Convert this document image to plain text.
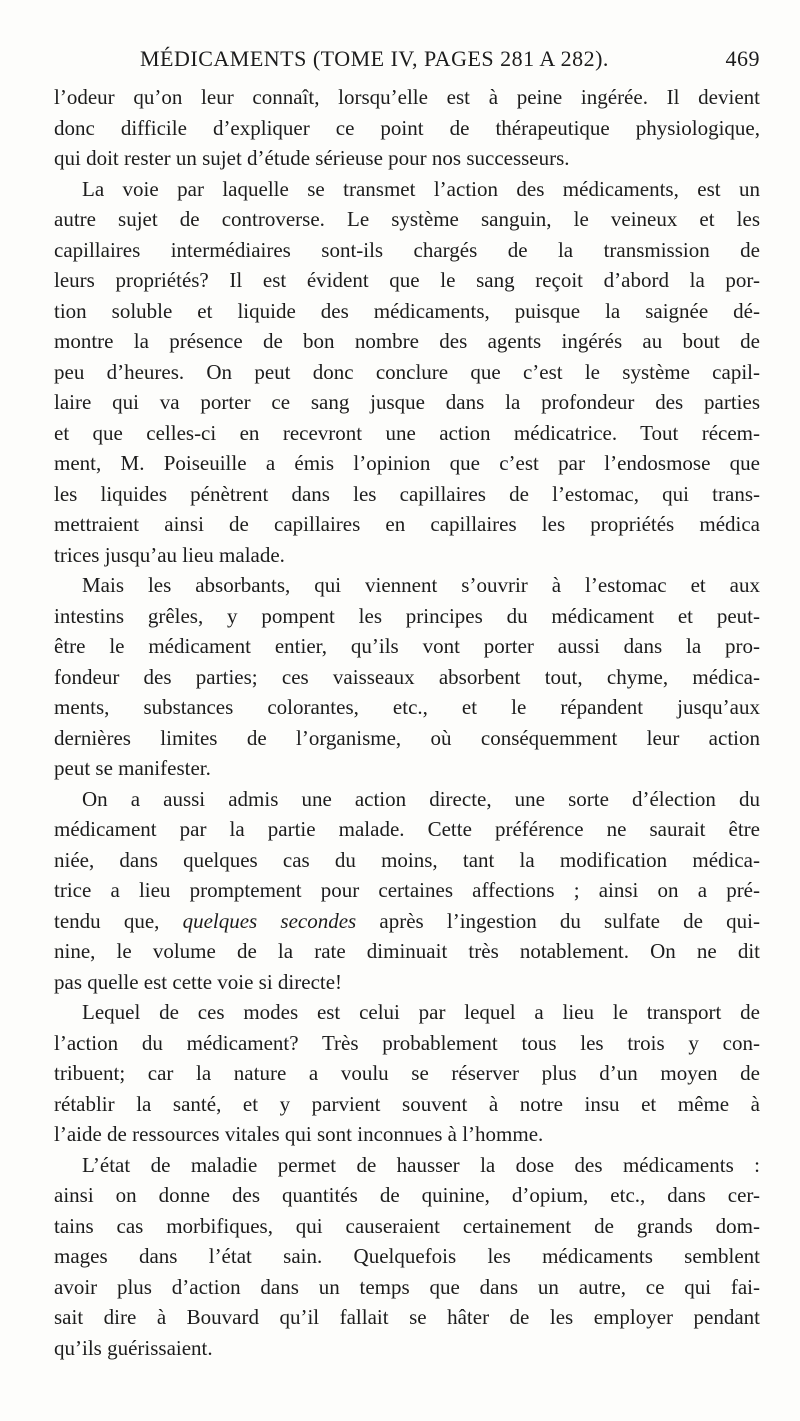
MÉDICAMENTS (TOME IV, PAGES 281 A 282).	469
l’odeur qu’on leur connaît, lorsqu’elle est à peine ingérée. Il devient
donc difficile d’expliquer ce point de thérapeutique physiologique,
qui doit rester un sujet d’étude sérieuse pour nos successeurs.
La voie par laquelle se transmet l’action des médicaments, est un
autre sujet de controverse. Le système sanguin, le veineux et les
capillaires intermédiaires sont-ils chargés de la transmission de
leurs propriétés? Il est évident que le sang reçoit d’abord la por-
tion soluble et liquide des médicaments, puisque la saignée dé-
montre la présence de bon nombre des agents ingérés au bout de
peu d’heures. On peut donc conclure que c’est le système capil-
laire qui va porter ce sang jusque dans la profondeur des parties
et que celles-ci en recevront une action médicatrice. Tout récem-
ment, M. Poiseuille a émis l’opinion que c’est par l’endosmose que
les liquides pénètrent dans les capillaires de l’estomac, qui trans-
mettraient ainsi de capillaires en capillaires les propriétés médica
trices jusqu’au lieu malade.
Mais les absorbants, qui viennent s’ouvrir à l’estomac et aux
intestins grêles, y pompent les principes du médicament et peut-
être le médicament entier, qu’ils vont porter aussi dans la pro-
fondeur des parties; ces vaisseaux absorbent tout, chyme, médica-
ments, substances colorantes, etc., et le répandent jusqu’aux
dernières limites de l’organisme, où conséquemment leur action
peut se manifester.
On a aussi admis une action directe, une sorte d’élection du
médicament par la partie malade. Cette préférence ne saurait être
niée, dans quelques cas du moins, tant la modification médica-
trice a lieu promptement pour certaines affections ; ainsi on a pré-
tendu que, quelques secondes après l’ingestion du sulfate de qui-
nine, le volume de la rate diminuait très notablement. On ne dit
pas quelle est cette voie si directe!
Lequel de ces modes est celui par lequel a lieu le transport de
l’action du médicament? Très probablement tous les trois y con-
tribuent; car la nature a voulu se réserver plus d’un moyen de
rétablir la santé, et y parvient souvent à notre insu et même à
l’aide de ressources vitales qui sont inconnues à l’homme.
L’état de maladie permet de hausser la dose des médicaments :
ainsi on donne des quantités de quinine, d’opium, etc., dans cer-
tains cas morbifiques, qui causeraient certainement de grands dom-
mages dans l’état sain. Quelquefois les médicaments semblent
avoir plus d’action dans un temps que dans un autre, ce qui fai-
sait dire à Bouvard qu’il fallait se hâter de les employer pendant
qu’ils guérissaient.
